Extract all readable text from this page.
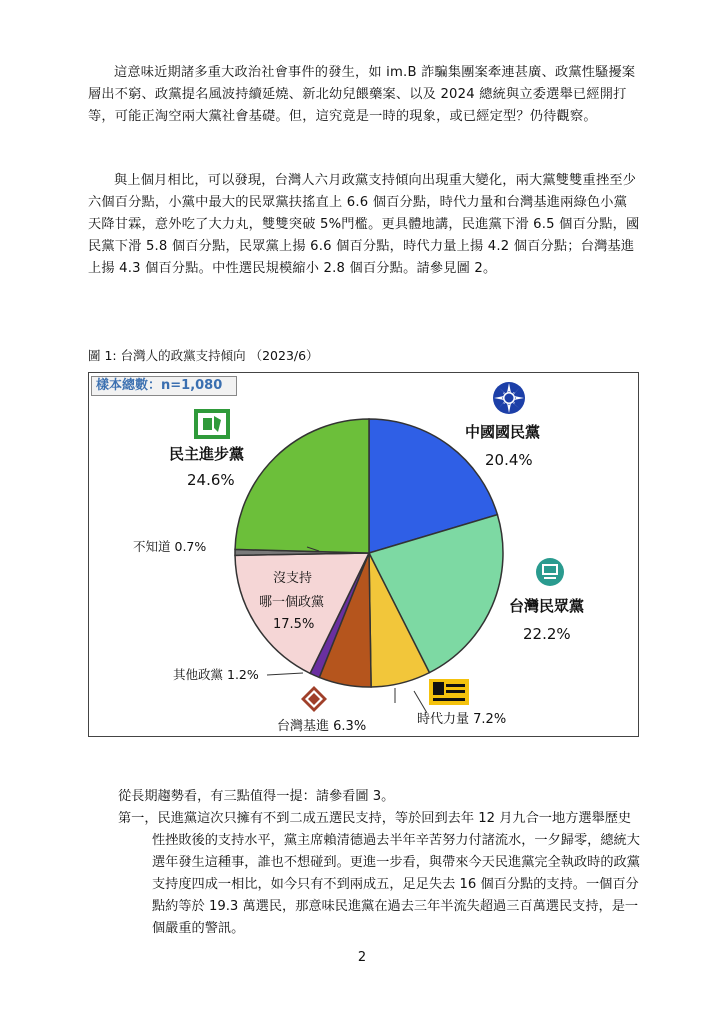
這意味近期諸多重大政治社會事件的發生，如 im.B 詐騙集團案牽連甚廣、政黨性騷擾案層出不窮、政黨提名風波持續延燒、新北幼兒餵藥案、以及 2024 總統與立委選舉已經開打等，可能正淘空兩大黨社會基礎。但，這究竟是一時的現象，或已經定型？仍待觀察。

與上個月相比，可以發現，台灣人六月政黨支持傾向出現重大變化，兩大黨雙雙重挫至少六個百分點，小黨中最大的民眾黨扶搖直上 6.6 個百分點，時代力量和台灣基進兩綠色小黨天降甘霖，意外吃了大力丸，雙雙突破 5%門檻。更具體地講，民進黨下滑 6.5 個百分點，國民黨下滑 5.8 個百分點，民眾黨上揚 6.6 個百分點，時代力量上揚 4.2 個百分點；台灣基進上揚 4.3 個百分點。中性選民規模縮小 2.8 個百分點。請參見圖 2。

圖 1: 台灣人的政黨支持傾向 （2023/6）
樣本總數：n=1,080
民主進步黨
24.6%
中國國民黨
20.4%
台灣民眾黨
22.2%
時代力量 7.2%
台灣基進 6.3%
其他政黨 1.2%
不知道 0.7%
沒支持
哪一個政黨
17.5%

從長期趨勢看，有三點值得一提：請參看圖 3。

第一，民進黨這次只擁有不到二成五選民支持，等於回到去年 12 月九合一地方選舉歷史性挫敗後的支持水平，黨主席賴清德過去半年辛苦努力付諸流水，一夕歸零，總統大選年發生這種事，誰也不想碰到。更進一步看，與帶來今天民進黨完全執政時的政黨支持度四成一相比，如今只有不到兩成五，足足失去 16 個百分點的支持。一個百分點約等於 19.3 萬選民，那意味民進黨在過去三年半流失超過三百萬選民支持，是一個嚴重的警訊。

2
